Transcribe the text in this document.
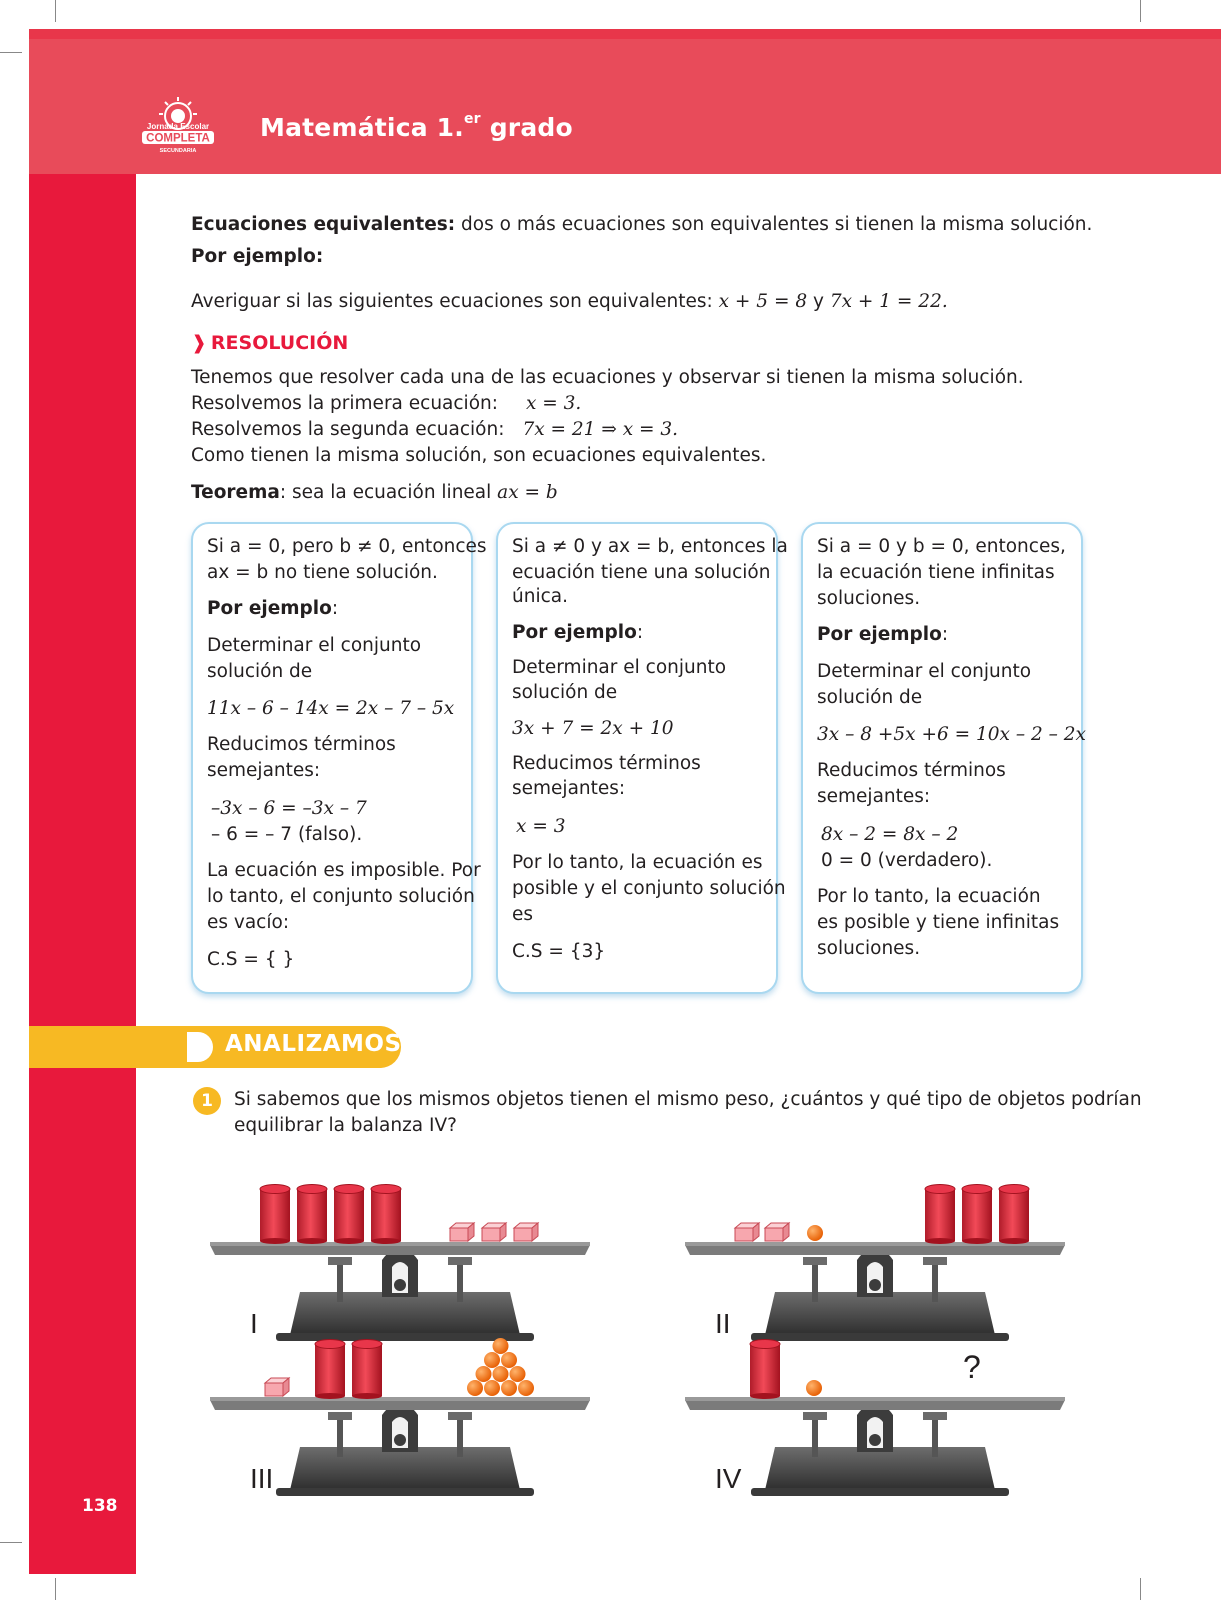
Jornada Escolar
COMPLETA
SECUNDARIA
Matemática 1.$^{er}$ grado
Ecuaciones equivalentes: dos o más ecuaciones son equivalentes si tienen la misma solución.
Por ejemplo:
Averiguar si las siguientes ecuaciones son equivalentes: x + 5 = 8 y 7x + 1 = 22.
❱ RESOLUCIÓN
Tenemos que resolver cada una de las ecuaciones y observar si tienen la misma solución.
Resolvemos la primera ecuación: x = 3.
Resolvemos la segunda ecuación: 7x = 21 ⇒ x = 3.
Como tienen la misma solución, son ecuaciones equivalentes.
Teorema: sea la ecuación lineal ax = b
Si a = 0, pero b ≠ 0, entonces
ax = b no tiene solución.
Por ejemplo:
Determinar el conjunto
solución de
11x – 6 – 14x = 2x – 7 – 5x
Reducimos términos
semejantes:
–3x – 6 = –3x – 7
– 6 = – 7 (falso).
La ecuación es imposible. Por
lo tanto, el conjunto solución
es vacío:
C.S = { }
Si a ≠ 0 y ax = b, entonces la
ecuación tiene una solución
única.
Por ejemplo:
Determinar el conjunto
solución de
3x + 7 = 2x + 10
Reducimos términos
semejantes:
x = 3
Por lo tanto, la ecuación es
posible y el conjunto solución
es
C.S = {3}
Si a = 0 y b = 0, entonces,
la ecuación tiene infinitas
soluciones.
Por ejemplo:
Determinar el conjunto
solución de
3x – 8 +5x +6 = 10x – 2 – 2x
Reducimos términos
semejantes:
8x – 2 = 8x – 2
0 = 0 (verdadero).
Por lo tanto, la ecuación
es posible y tiene infinitas
soluciones.
ANALIZAMOS
1	Si sabemos que los mismos objetos tienen el mismo peso, ¿cuántos y qué tipo de objetos podrían
equilibrar la balanza IV?
I	II
III	IV
?
138
